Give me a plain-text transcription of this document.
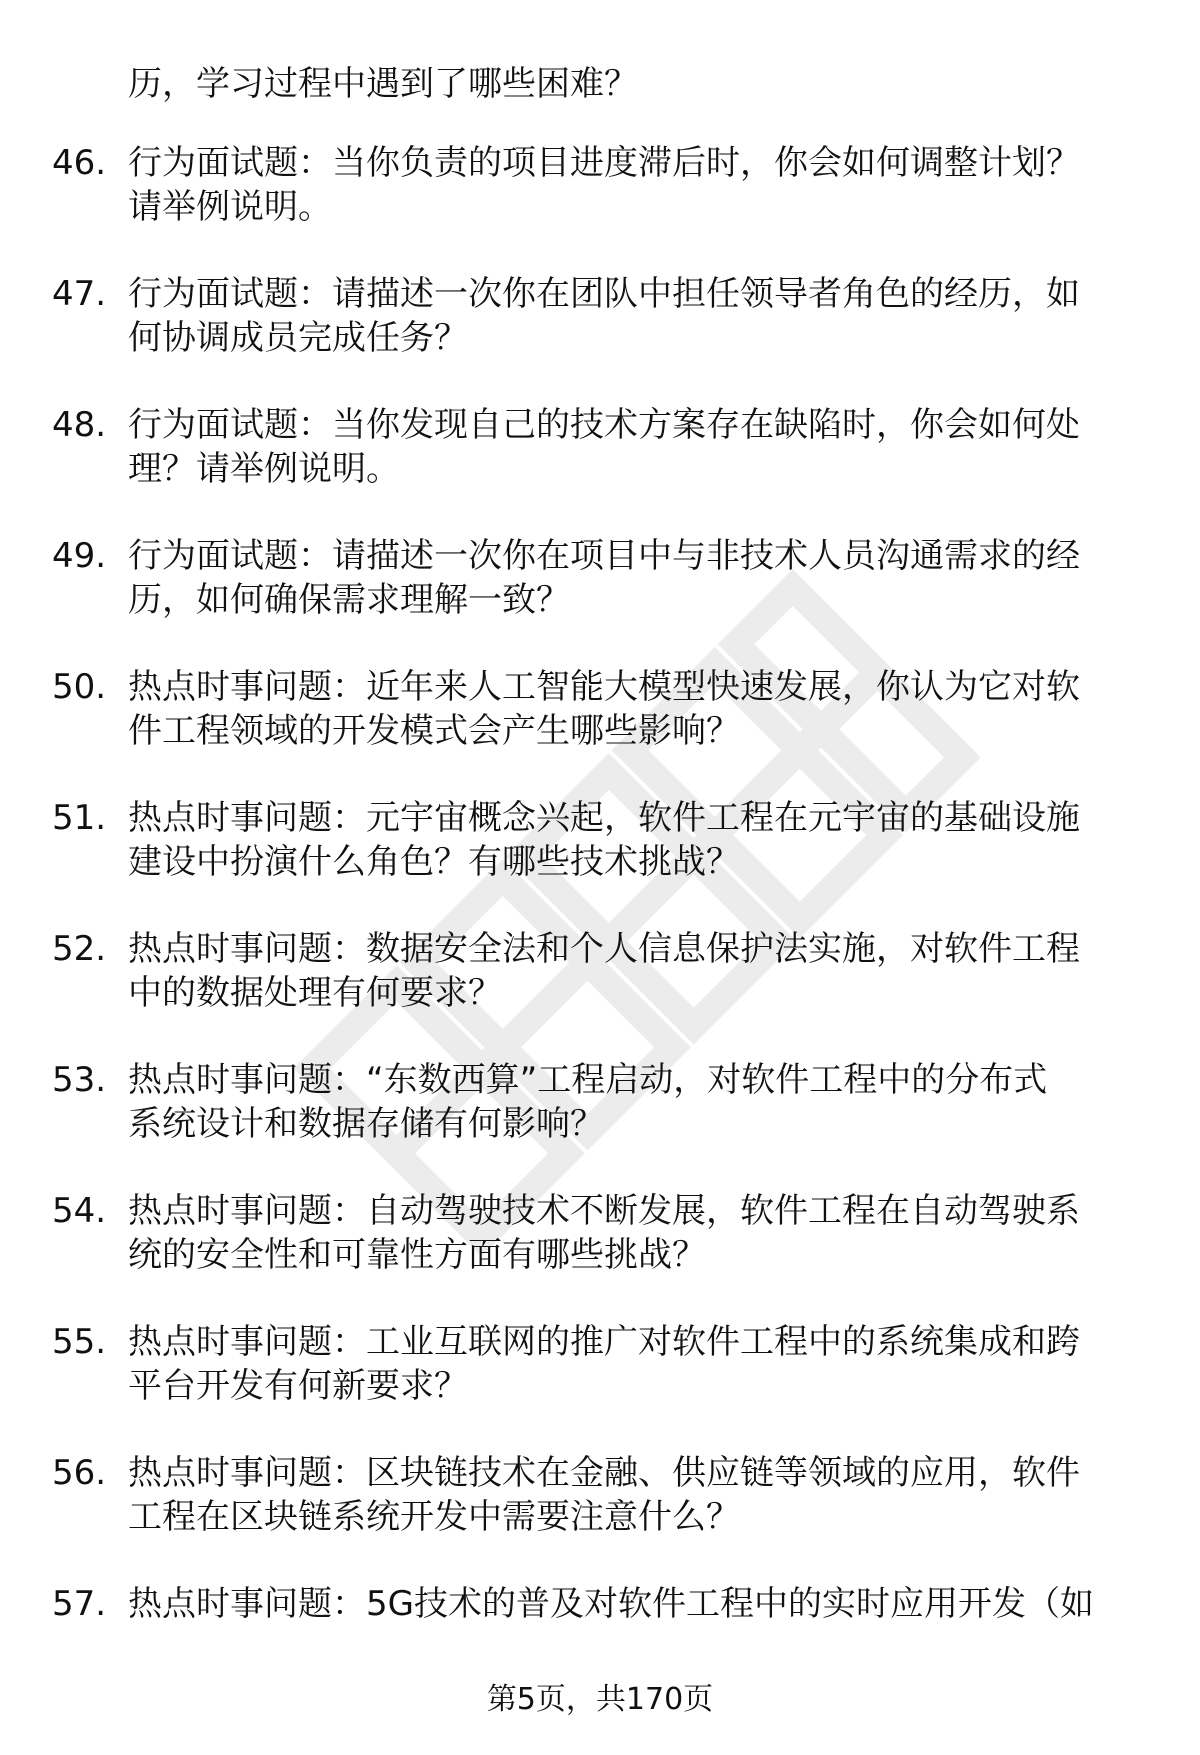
历，学习过程中遇到了哪些困难？
46. 行为面试题：当你负责的项目进度滞后时，你会如何调整计划？
请举例说明。
47. 行为面试题：请描述一次你在团队中担任领导者角色的经历，如
何协调成员完成任务？
48. 行为面试题：当你发现自己的技术方案存在缺陷时，你会如何处
理？请举例说明。
49. 行为面试题：请描述一次你在项目中与非技术人员沟通需求的经
历，如何确保需求理解一致？
50. 热点时事问题：近年来人工智能大模型快速发展，你认为它对软
件工程领域的开发模式会产生哪些影响？
51. 热点时事问题：元宇宙概念兴起，软件工程在元宇宙的基础设施
建设中扮演什么角色？有哪些技术挑战？
52. 热点时事问题：数据安全法和个人信息保护法实施，对软件工程
中的数据处理有何要求？
53. 热点时事问题：“东数西算”工程启动，对软件工程中的分布式
系统设计和数据存储有何影响？
54. 热点时事问题：自动驾驶技术不断发展，软件工程在自动驾驶系
统的安全性和可靠性方面有哪些挑战？
55. 热点时事问题：工业互联网的推广对软件工程中的系统集成和跨
平台开发有何新要求？
56. 热点时事问题：区块链技术在金融、供应链等领域的应用，软件
工程在区块链系统开发中需要注意什么？
57. 热点时事问题：5G技术的普及对软件工程中的实时应用开发（如
第5页，共170页
